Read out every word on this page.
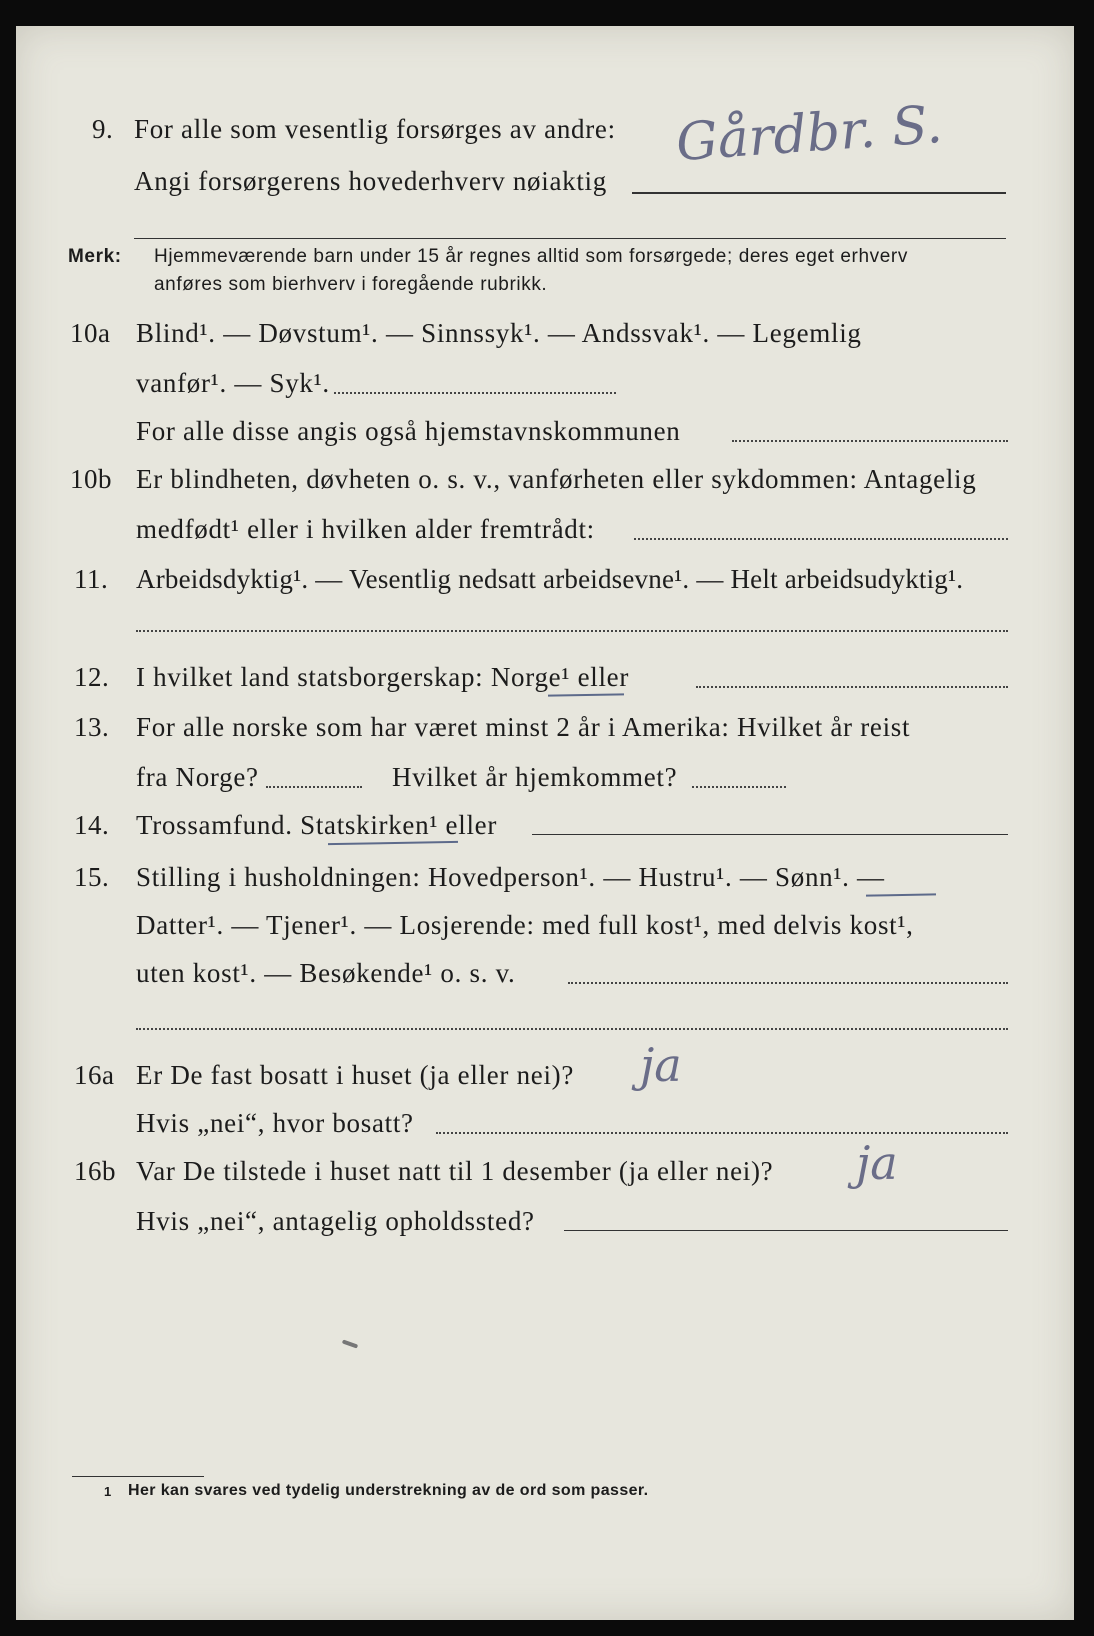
9. For alle som vesentlig forsørges av andre:
Angi forsørgerens hovederhverv nøiaktig
Gårdbr. S.
Merk: Hjemmeværende barn under 15 år regnes alltid som forsørgede; deres eget erhverv
anføres som bierhverv i foregående rubrikk.
10a Blind¹. — Døvstum¹. — Sinnssyk¹. — Andssvak¹. — Legemlig
vanfør¹. — Syk¹.
For alle disse angis også hjemstavnskommunen
10b Er blindheten, døvheten o. s. v., vanførheten eller sykdommen: Antagelig
medfødt¹ eller i hvilken alder fremtrådt:
11. Arbeidsdyktig¹. — Vesentlig nedsatt arbeidsevne¹. — Helt arbeidsudyktig¹.
12. I hvilket land statsborgerskap: Norge¹ eller
13. For alle norske som har været minst 2 år i Amerika: Hvilket år reist
fra Norge?	Hvilket år hjemkommet?
14. Trossamfund. Statskirken¹ eller
15. Stilling i husholdningen: Hovedperson¹. — Hustru¹. — Sønn¹. —
Datter¹. — Tjener¹. — Losjerende: med full kost¹, med delvis kost¹,
uten kost¹. — Besøkende¹ o. s. v.
16a Er De fast bosatt i huset (ja eller nei)? ja
Hvis „nei“, hvor bosatt?
16b Var De tilstede i huset natt til 1 desember (ja eller nei)? ja
Hvis „nei“, antagelig opholdssted?
1 Her kan svares ved tydelig understrekning av de ord som passer.
